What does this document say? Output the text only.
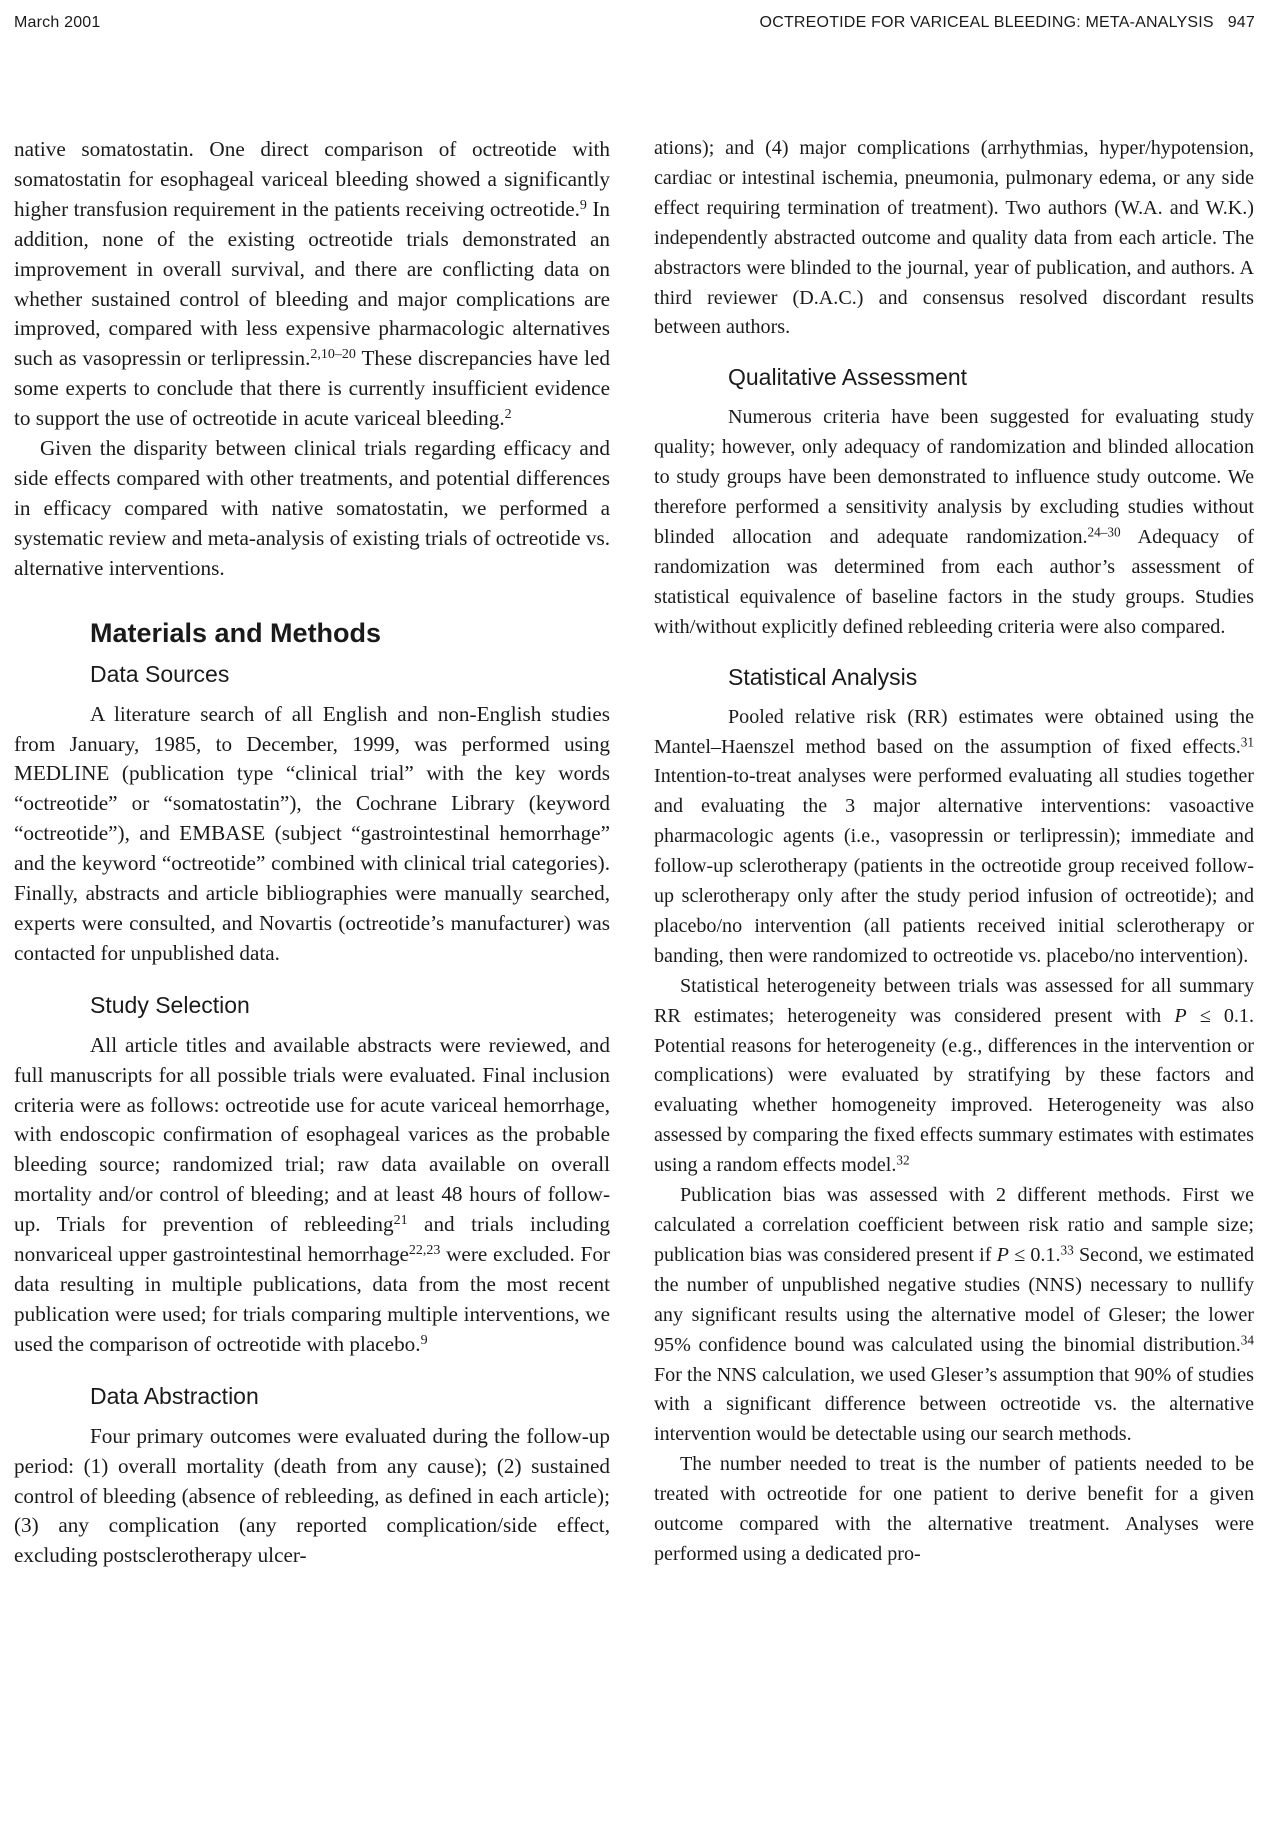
March 2001	OCTREOTIDE FOR VARICEAL BLEEDING: META-ANALYSIS   947

native somatostatin. One direct comparison of octreotide with somatostatin for esophageal variceal bleeding showed a significantly higher transfusion requirement in the patients receiving octreotide.$^9$ In addition, none of the existing octreotide trials demonstrated an improvement in overall survival, and there are conflicting data on whether sustained control of bleeding and major complications are improved, compared with less expensive pharmacologic alternatives such as vasopressin or terlipressin.$^{2,10-20}$ These discrepancies have led some experts to conclude that there is currently insufficient evidence to support the use of octreotide in acute variceal bleeding.$^2$

Given the disparity between clinical trials regarding efficacy and side effects compared with other treatments, and potential differences in efficacy compared with native somatostatin, we performed a systematic review and meta-analysis of existing trials of octreotide vs. alternative interventions.

Materials and Methods
Data Sources

A literature search of all English and non-English studies from January, 1985, to December, 1999, was performed using MEDLINE (publication type “clinical trial” with the key words “octreotide” or “somatostatin”), the Cochrane Library (keyword “octreotide”), and EMBASE (subject “gastrointestinal hemorrhage” and the keyword “octreotide” combined with clinical trial categories). Finally, abstracts and article bibliographies were manually searched, experts were consulted, and Novartis (octreotide’s manufacturer) was contacted for unpublished data.

Study Selection

All article titles and available abstracts were reviewed, and full manuscripts for all possible trials were evaluated. Final inclusion criteria were as follows: octreotide use for acute variceal hemorrhage, with endoscopic confirmation of esophageal varices as the probable bleeding source; randomized trial; raw data available on overall mortality and/or control of bleeding; and at least 48 hours of follow-up. Trials for prevention of rebleeding$^{21}$ and trials including nonvariceal upper gastrointestinal hemorrhage$^{22,23}$ were excluded. For data resulting in multiple publications, data from the most recent publication were used; for trials comparing multiple interventions, we used the comparison of octreotide with placebo.$^9$

Data Abstraction

Four primary outcomes were evaluated during the follow-up period: (1) overall mortality (death from any cause); (2) sustained control of bleeding (absence of rebleeding, as defined in each article); (3) any complication (any reported complication/side effect, excluding postsclerotherapy ulcer-

ations); and (4) major complications (arrhythmias, hyper/hypotension, cardiac or intestinal ischemia, pneumonia, pulmonary edema, or any side effect requiring termination of treatment). Two authors (W.A. and W.K.) independently abstracted outcome and quality data from each article. The abstractors were blinded to the journal, year of publication, and authors. A third reviewer (D.A.C.) and consensus resolved discordant results between authors.

Qualitative Assessment

Numerous criteria have been suggested for evaluating study quality; however, only adequacy of randomization and blinded allocation to study groups have been demonstrated to influence study outcome. We therefore performed a sensitivity analysis by excluding studies without blinded allocation and adequate randomization.$^{24-30}$ Adequacy of randomization was determined from each author’s assessment of statistical equivalence of baseline factors in the study groups. Studies with/without explicitly defined rebleeding criteria were also compared.

Statistical Analysis

Pooled relative risk (RR) estimates were obtained using the Mantel–Haenszel method based on the assumption of fixed effects.$^{31}$ Intention-to-treat analyses were performed evaluating all studies together and evaluating the 3 major alternative interventions: vasoactive pharmacologic agents (i.e., vasopressin or terlipressin); immediate and follow-up sclerotherapy (patients in the octreotide group received follow-up sclerotherapy only after the study period infusion of octreotide); and placebo/no intervention (all patients received initial sclerotherapy or banding, then were randomized to octreotide vs. placebo/no intervention).

Statistical heterogeneity between trials was assessed for all summary RR estimates; heterogeneity was considered present with P ≤ 0.1. Potential reasons for heterogeneity (e.g., differences in the intervention or complications) were evaluated by stratifying by these factors and evaluating whether homogeneity improved. Heterogeneity was also assessed by comparing the fixed effects summary estimates with estimates using a random effects model.$^{32}$

Publication bias was assessed with 2 different methods. First we calculated a correlation coefficient between risk ratio and sample size; publication bias was considered present if P ≤ 0.1.33 Second, we estimated the number of unpublished negative studies (NNS) necessary to nullify any significant results using the alternative model of Gleser; the lower 95% confidence bound was calculated using the binomial distribution.$^{34}$ For the NNS calculation, we used Gleser’s assumption that 90% of studies with a significant difference between octreotide vs. the alternative intervention would be detectable using our search methods.

The number needed to treat is the number of patients needed to be treated with octreotide for one patient to derive benefit for a given outcome compared with the alternative treatment. Analyses were performed using a dedicated pro-
